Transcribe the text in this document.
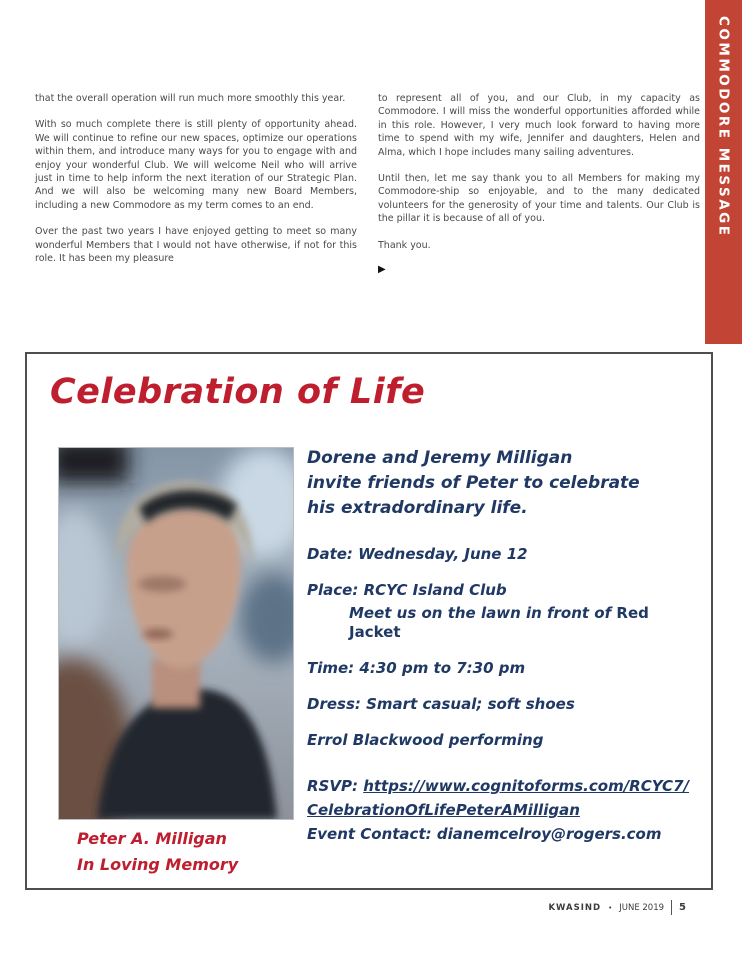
COMMODORE MESSAGE

that the overall operation will run much more smoothly this year.

With so much complete there is still plenty of opportunity ahead. We will continue to refine our new spaces, optimize our operations within them, and introduce many ways for you to engage with and enjoy your wonderful Club. We will welcome Neil who will arrive just in time to help inform the next iteration of our Strategic Plan. And we will also be welcoming many new Board Members, including a new Commodore as my term comes to an end.

Over the past two years I have enjoyed getting to meet so many wonderful Members that I would not have otherwise, if not for this role. It has been my pleasure

to represent all of you, and our Club, in my capacity as Commodore. I will miss the wonderful opportunities afforded while in this role. However, I very much look forward to having more time to spend with my wife, Jennifer and daughters, Helen and Alma, which I hope includes many sailing adventures.

Until then, let me say thank you to all Members for making my Commodore-ship so enjoyable, and to the many dedicated volunteers for the generosity of your time and talents. Our Club is the pillar it is because of all of you.

Thank you.

▶
Celebration of Life
Peter A. Milligan
In Loving Memory

Dorene and Jeremy Milligan
invite friends of Peter to celebrate
his extradordinary life.

Date: Wednesday, June 12

Place: RCYC Island Club

Meet us on the lawn in front of Red Jacket

Time: 4:30 pm to 7:30 pm

Dress: Smart casual; soft shoes

Errol Blackwood performing

RSVP: https://www.cognitoforms.com/RCYC7/
CelebrationOfLifePeterAMilligan
Event Contact: dianemcelroy@rogers.com

KWASIND • JUNE 2019 5
